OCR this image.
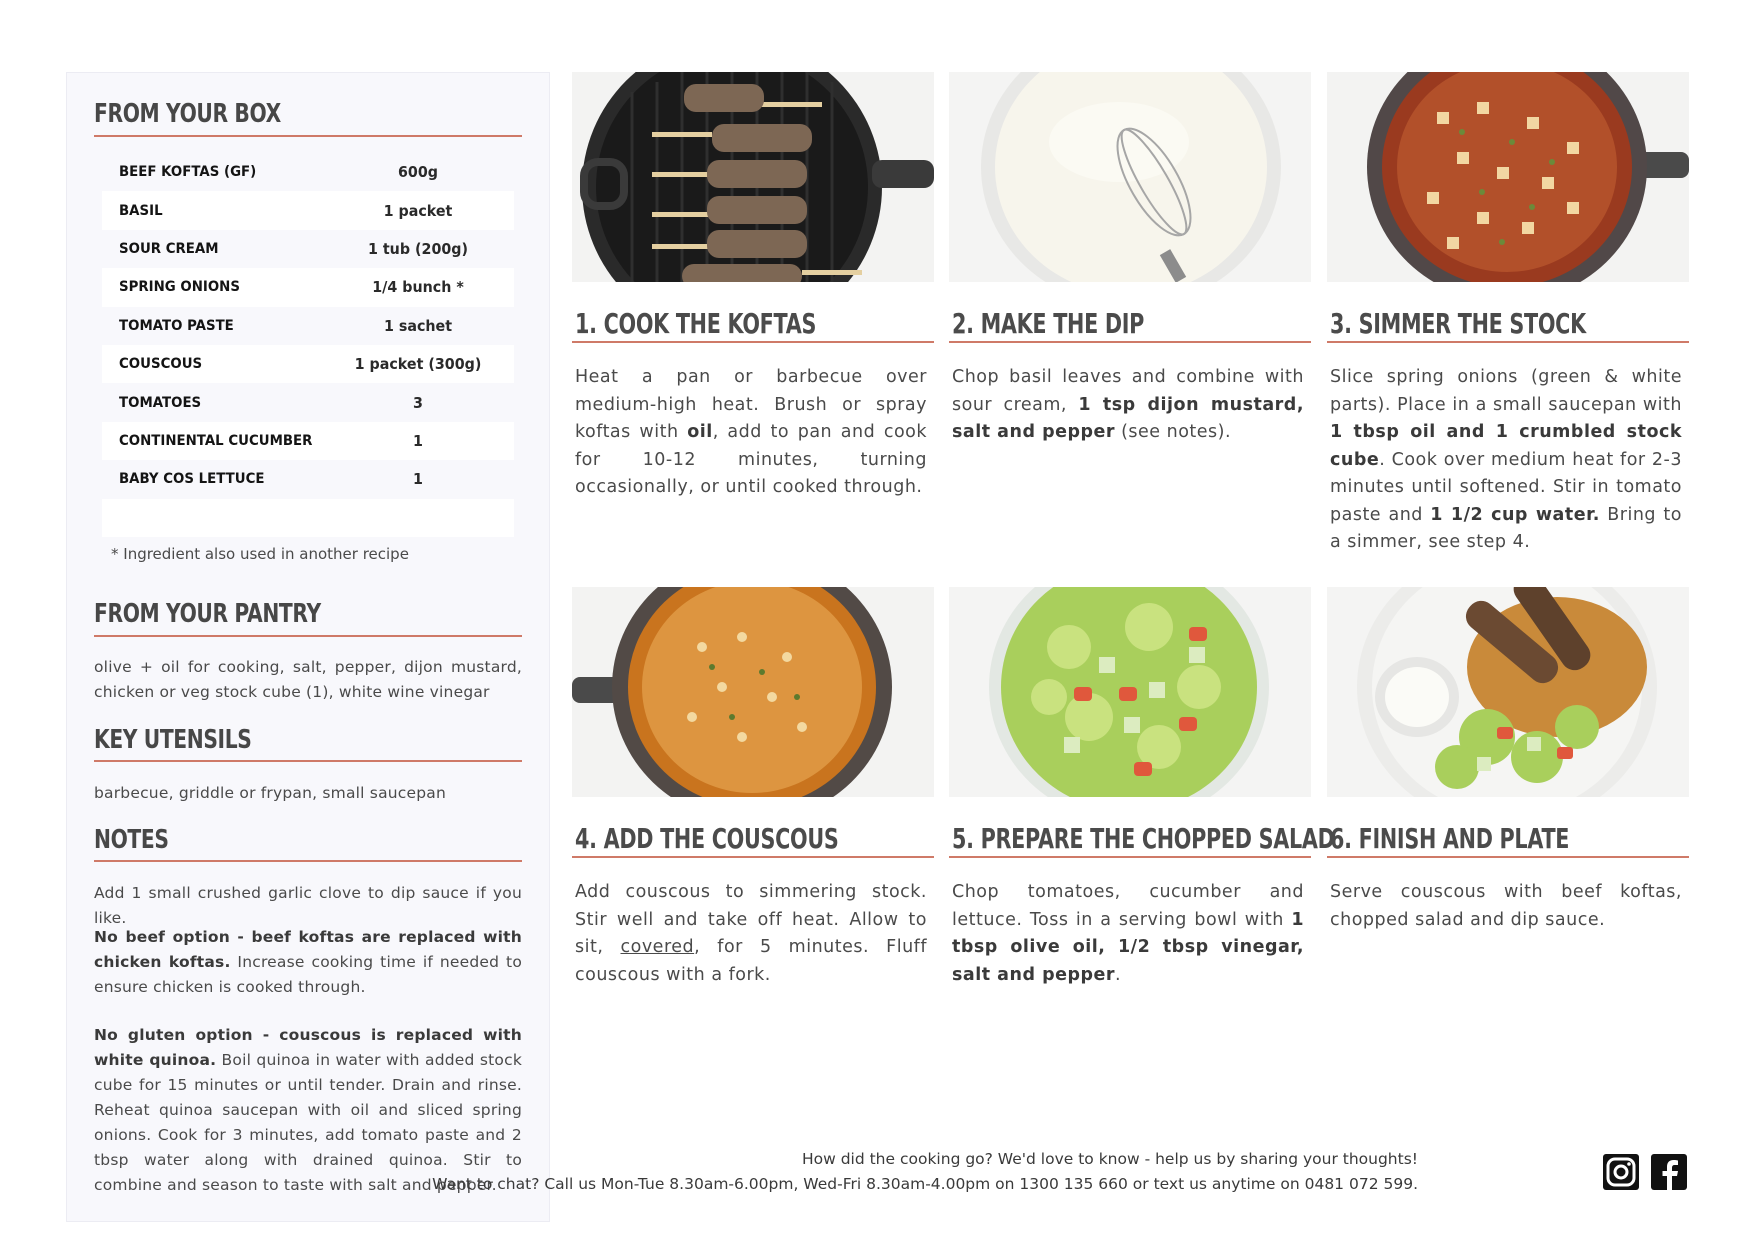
FROM YOUR BOX
BEEF KOFTAS (GF)	600g
BASIL	1 packet
SOUR CREAM	1 tub (200g)
SPRING ONIONS	1/4 bunch *
TOMATO PASTE	1 sachet
COUSCOUS	1 packet (300g)
TOMATOES	3
CONTINENTAL CUCUMBER	1
BABY COS LETTUCE	1
* Ingredient also used in another recipe
FROM YOUR PANTRY
olive + oil for cooking, salt, pepper, dijon mustard, chicken or veg stock cube (1), white wine vinegar
KEY UTENSILS
barbecue, griddle or frypan, small saucepan
NOTES
Add 1 small crushed garlic clove to dip sauce if you like.
No beef option - beef koftas are replaced with chicken koftas. Increase cooking time if needed to ensure chicken is cooked through.
No gluten option - couscous is replaced with white quinoa. Boil quinoa in water with added stock cube for 15 minutes or until tender. Drain and rinse. Reheat quinoa saucepan with oil and sliced spring onions. Cook for 3 minutes, add tomato paste and 2 tbsp water along with drained quinoa. Stir to combine and season to taste with salt and pepper.
1. COOK THE KOFTAS
Heat a pan or barbecue over medium-high heat. Brush or spray koftas with oil, add to pan and cook for 10-12 minutes, turning occasionally, or until cooked through.
2. MAKE THE DIP
Chop basil leaves and combine with sour cream, 1 tsp dijon mustard, salt and pepper (see notes).
3. SIMMER THE STOCK
Slice spring onions (green & white parts). Place in a small saucepan with 1 tbsp oil and 1 crumbled stock cube. Cook over medium heat for 2-3 minutes until softened. Stir in tomato paste and 1 1/2 cup water. Bring to a simmer, see step 4.
4. ADD THE COUSCOUS
Add couscous to simmering stock. Stir well and take off heat. Allow to sit, covered, for 5 minutes. Fluff couscous with a fork.
5. PREPARE THE CHOPPED SALAD
Chop tomatoes, cucumber and lettuce. Toss in a serving bowl with 1 tbsp olive oil, 1/2 tbsp vinegar, salt and pepper.
6. FINISH AND PLATE
Serve couscous with beef koftas, chopped salad and dip sauce.
How did the cooking go? We'd love to know - help us by sharing your thoughts!
Want to chat? Call us Mon-Tue 8.30am-6.00pm, Wed-Fri 8.30am-4.00pm on 1300 135 660 or text us anytime on 0481 072 599.
